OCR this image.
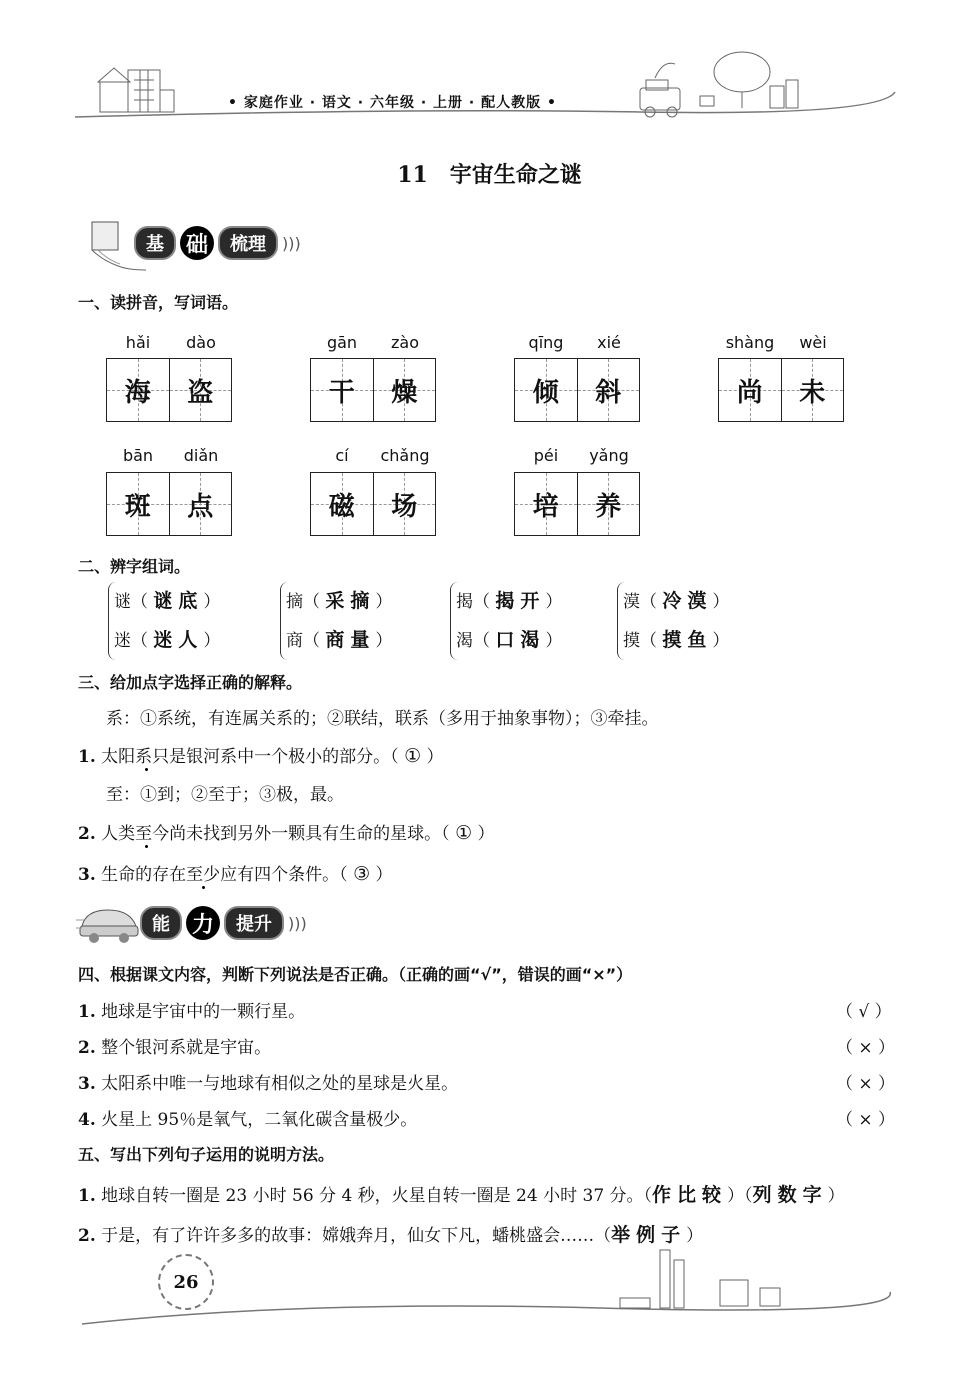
• 家庭作业 · 语文 · 六年级 · 上册 · 配人教版 •
11　宇宙生命之谜
基 础	梳理	)))
一、读拼音，写词语。
hǎi	dào
海 盗
gān	zào
干 燥
qīng	xié
倾 斜
shàng	wèi
尚 未
bān	diǎn
斑 点
cí	chǎng
磁 场
péi	yǎng
培 养
二、辨字组词。
谜（ 谜底）
迷（ 迷人）
摘（ 采摘）
商（ 商量）
揭（ 揭开）
渴（ 口渴）
漠（ 冷漠）
摸（ 摸鱼）
三、给加点字选择正确的解释。
系：①系统，有连属关系的；②联结，联系（多用于抽象事物）；③牵挂。
1. 太阳系只是银河系中一个极小的部分。（ ① ）
至：①到；②至于；③极，最。
2. 人类至今尚未找到另外一颗具有生命的星球。（ ① ）
3. 生命的存在至少应有四个条件。（ ③ ）
能 力	提升	)))
四、根据课文内容，判断下列说法是否正确。（正确的画“√”，错误的画“×”）
1. 地球是宇宙中的一颗行星。	（ √ ）
2. 整个银河系就是宇宙。	（ × ）
3. 太阳系中唯一与地球有相似之处的星球是火星。	（ × ）
4. 火星上 95％是氧气，二氧化碳含量极少。	（ × ）
五、写出下列句子运用的说明方法。
1. 地球自转一圈是 23 小时 56 分 4 秒，火星自转一圈是 24 小时 37 分。（作比较）（列数字）
2. 于是，有了许许多多的故事：嫦娥奔月，仙女下凡，蟠桃盛会……（举例子）
26
